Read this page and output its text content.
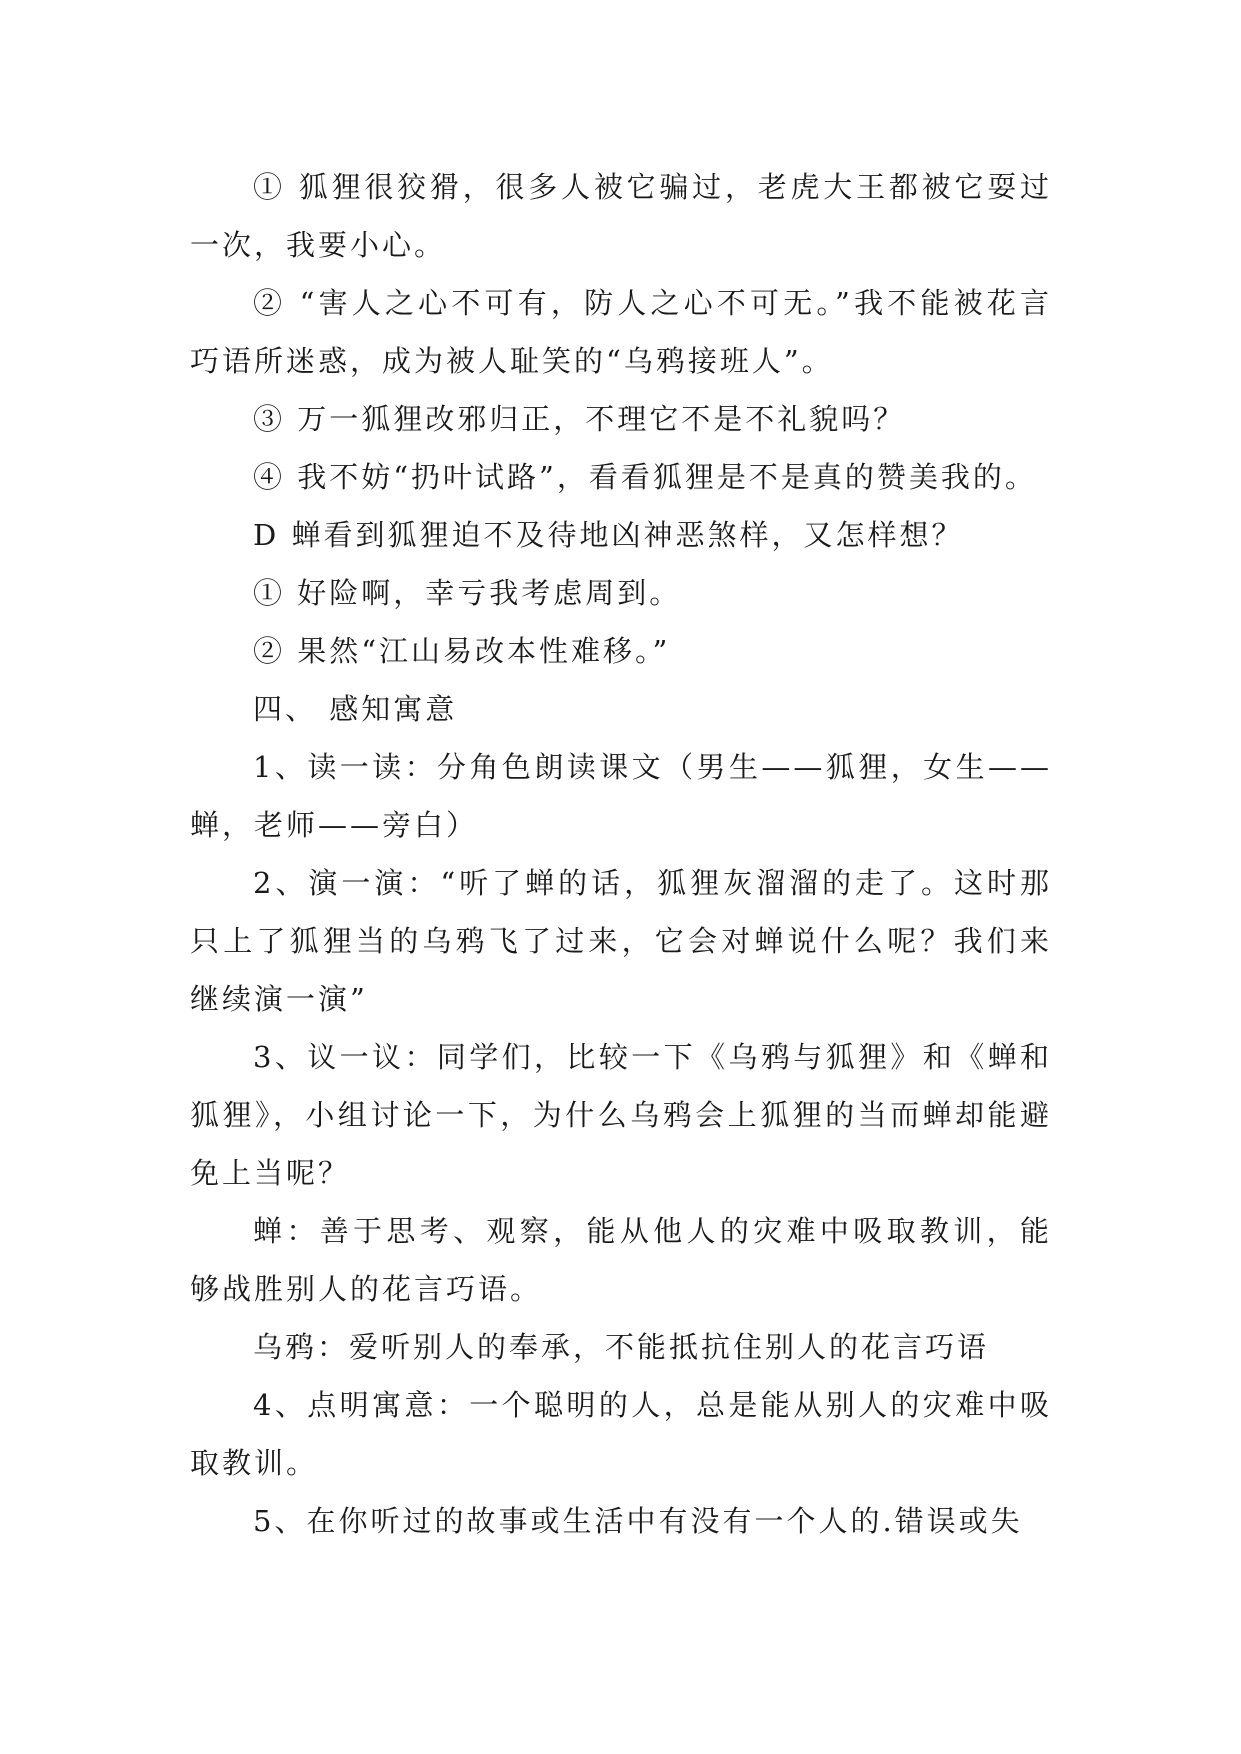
① 狐狸很狡猾，很多人被它骗过，老虎大王都被它耍过一次，我要小心。

② “害人之心不可有，防人之心不可无。”我不能被花言巧语所迷惑，成为被人耻笑的“乌鸦接班人”。

③ 万一狐狸改邪归正，不理它不是不礼貌吗？

④ 我不妨“扔叶试路”，看看狐狸是不是真的赞美我的。

D 蝉看到狐狸迫不及待地凶神恶煞样，又怎样想？

① 好险啊，幸亏我考虑周到。

② 果然“江山易改本性难移。”

四、 感知寓意

1、读一读：分角色朗读课文（男生——狐狸，女生——蝉，老师——旁白）

2、演一演：“听了蝉的话，狐狸灰溜溜的走了。这时那只上了狐狸当的乌鸦飞了过来，它会对蝉说什么呢？我们来继续演一演”

3、议一议：同学们，比较一下《乌鸦与狐狸》和《蝉和狐狸》，小组讨论一下，为什么乌鸦会上狐狸的当而蝉却能避免上当呢？

蝉：善于思考、观察，能从他人的灾难中吸取教训，能够战胜别人的花言巧语。

乌鸦：爱听别人的奉承，不能抵抗住别人的花言巧语

4、点明寓意：一个聪明的人，总是能从别人的灾难中吸取教训。

5、在你听过的故事或生活中有没有一个人的.错误或失
